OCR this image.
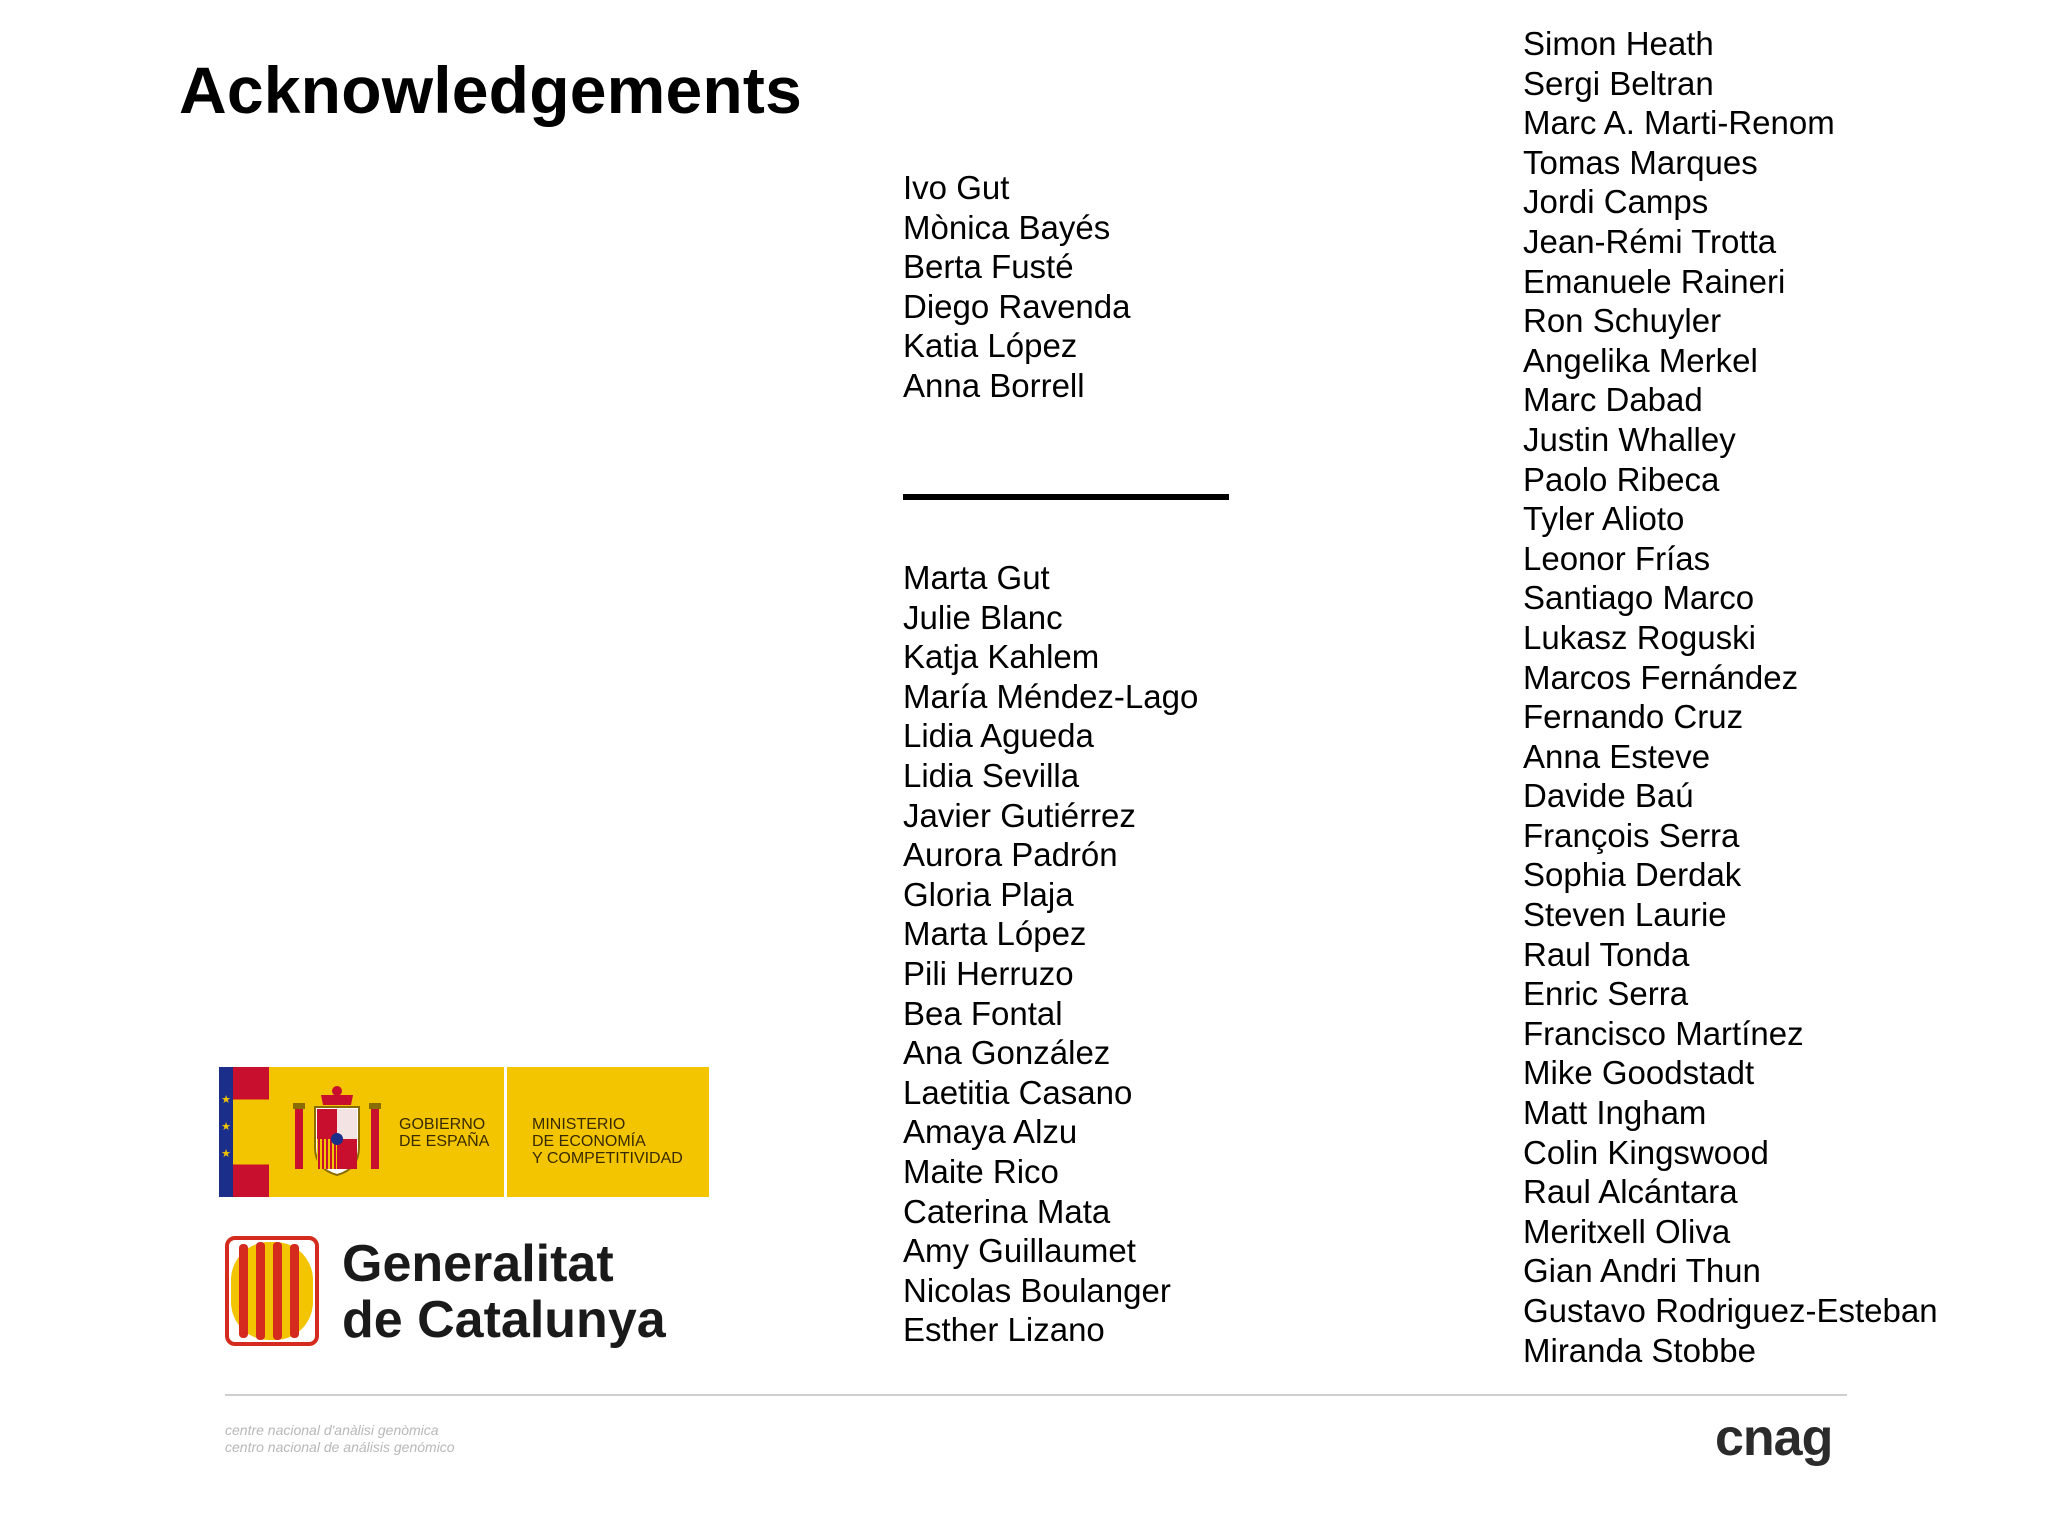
Acknowledgements
Ivo Gut
Mònica Bayés
Berta Fusté
Diego Ravenda
Katia López
Anna Borrell
Marta Gut
Julie Blanc
Katja Kahlem
María Méndez-Lago
Lidia Agueda
Lidia Sevilla
Javier Gutiérrez
Aurora Padrón
Gloria Plaja
Marta López
Pili Herruzo
Bea Fontal
Ana González
Laetitia Casano
Amaya Alzu
Maite Rico
Caterina Mata
Amy Guillaumet
Nicolas Boulanger
Esther Lizano
Simon Heath
Sergi Beltran
Marc A. Marti-Renom
Tomas Marques
Jordi Camps
Jean-Rémi Trotta
Emanuele Raineri
Ron Schuyler
Angelika Merkel
Marc Dabad
Justin Whalley
Paolo Ribeca
Tyler Alioto
Leonor Frías
Santiago Marco
Lukasz Roguski
Marcos Fernández
Fernando Cruz
Anna Esteve
Davide Baú
François Serra
Sophia Derdak
Steven Laurie
Raul Tonda
Enric Serra
Francisco Martínez
Mike Goodstadt
Matt Ingham
Colin Kingswood
Raul Alcántara
Meritxell Oliva
Gian Andri Thun
Gustavo Rodriguez-Esteban
Miranda Stobbe
★
★
★
GOBIERNO
DE ESPAÑA
MINISTERIO
DE ECONOMÍA
Y COMPETITIVIDAD
Generalitat
de Catalunya
centre nacional d'anàlisi genòmica
centro nacional de análisis genómico	cnag
